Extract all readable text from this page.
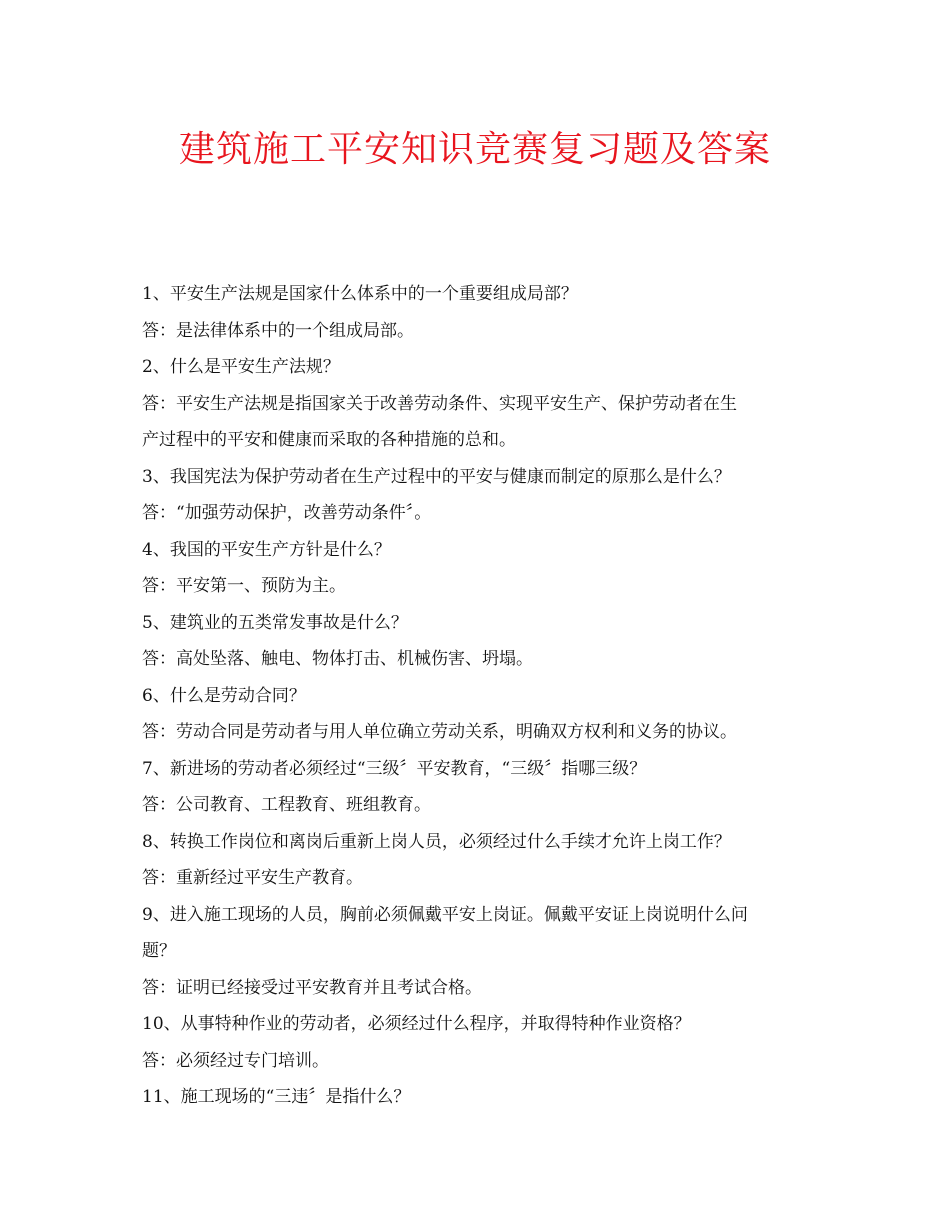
建筑施工平安知识竞赛复习题及答案

1、平安生产法规是国家什么体系中的一个重要组成局部？

答：是法律体系中的一个组成局部。

2、什么是平安生产法规？

答：平安生产法规是指国家关于改善劳动条件、实现平安生产、保护劳动者在生

产过程中的平安和健康而采取的各种措施的总和。

3、我国宪法为保护劳动者在生产过程中的平安与健康而制定的原那么是什么？

答：“加强劳动保护，改善劳动条件〞。

4、我国的平安生产方针是什么？

答：平安第一、预防为主。

5、建筑业的五类常发事故是什么？

答：高处坠落、触电、物体打击、机械伤害、坍塌。

6、什么是劳动合同？

答：劳动合同是劳动者与用人单位确立劳动关系，明确双方权利和义务的协议。

7、新进场的劳动者必须经过“三级〞平安教育，“三级〞指哪三级？

答：公司教育、工程教育、班组教育。

8、转换工作岗位和离岗后重新上岗人员，必须经过什么手续才允许上岗工作？

答：重新经过平安生产教育。

9、进入施工现场的人员，胸前必须佩戴平安上岗证。佩戴平安证上岗说明什么问

题？

答：证明已经接受过平安教育并且考试合格。

10、从事特种作业的劳动者，必须经过什么程序，并取得特种作业资格？

答：必须经过专门培训。

11、施工现场的“三违〞是指什么？
